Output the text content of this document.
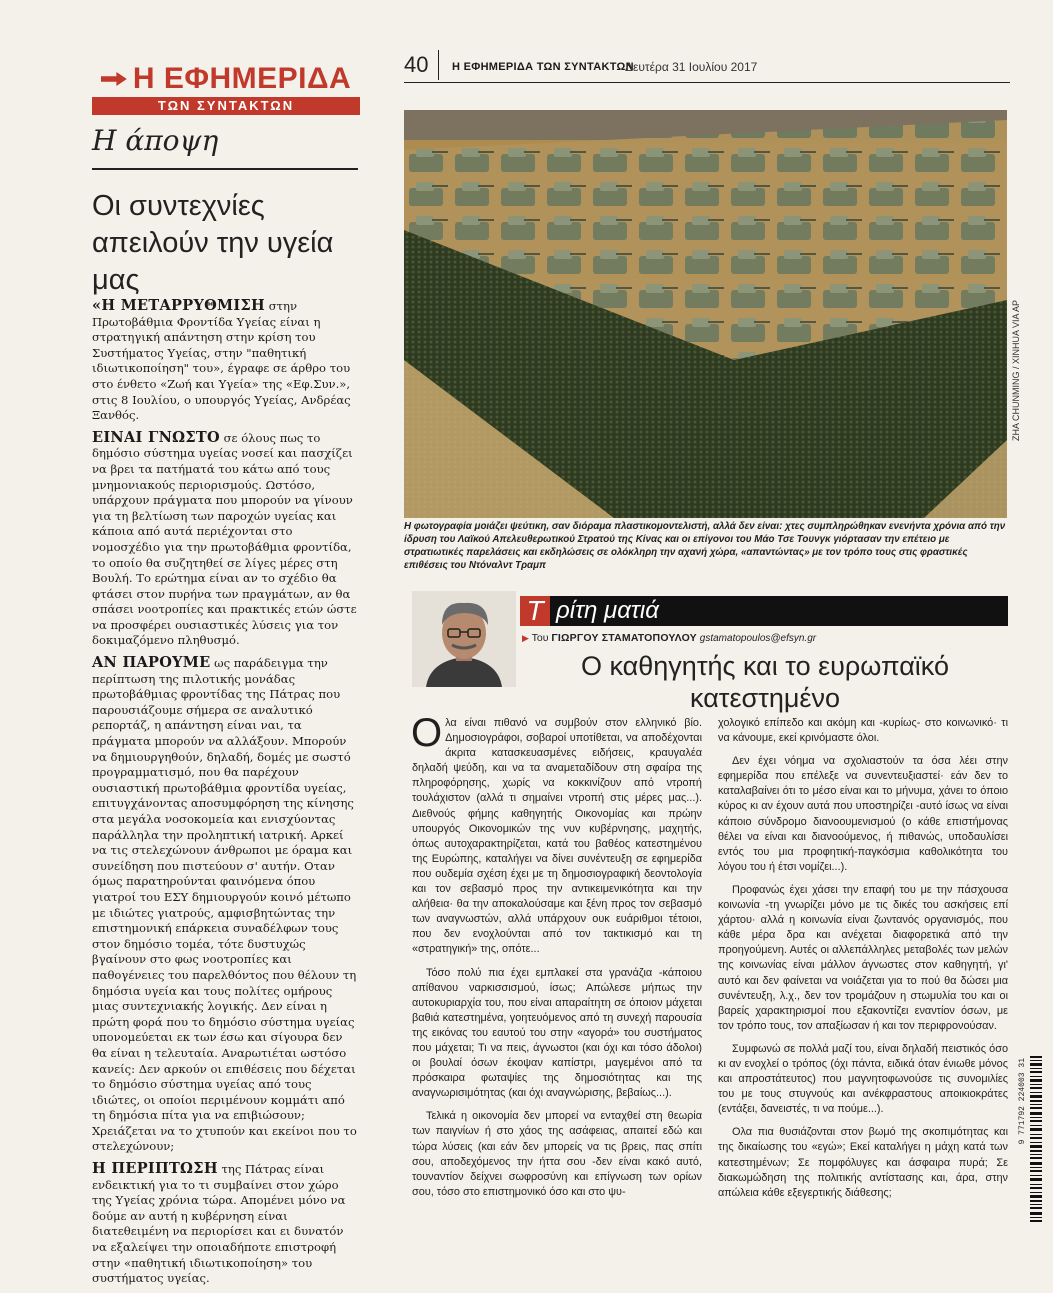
Η ΕΦΗΜΕΡΙΔΑ
ΤΩΝ ΣΥΝΤΑΚΤΩΝ
Η άποψη
Οι συντεχνίες απειλούν την υγεία μας

«Η ΜΕΤΑΡΡΥΘΜΙΣΗ στην Πρωτοβάθμια Φροντίδα Υγείας είναι η στρατηγική απάντηση στην κρίση του Συστήματος Υγείας, στην "παθητική ιδιωτικοποίηση" του», έγραφε σε άρθρο του στο ένθετο «Ζωή και Υγεία» της «Εφ.Συν.», στις 8 Ιουλίου, ο υπουργός Υγείας, Ανδρέας Ξανθός.

ΕΙΝΑΙ ΓΝΩΣΤΟ σε όλους πως το δημόσιο σύστημα υγείας νοσεί και πασχίζει να βρει τα πατήματά του κάτω από τους μνημονιακούς περιορισμούς. Ωστόσο, υπάρχουν πράγματα που μπορούν να γίνουν για τη βελτίωση των παροχών υγείας και κάποια από αυτά περιέχονται στο νομοσχέδιο για την πρωτοβάθμια φροντίδα, το οποίο θα συζητηθεί σε λίγες μέρες στη Βουλή. Το ερώτημα είναι αν το σχέδιο θα φτάσει στον πυρήνα των πραγμάτων, αν θα σπάσει νοοτροπίες και πρακτικές ετών ώστε να προσφέρει ουσιαστικές λύσεις για τον δοκιμαζόμενο πληθυσμό.

ΑΝ ΠΑΡΟΥΜΕ ως παράδειγμα την περίπτωση της πιλοτικής μονάδας πρωτοβάθμιας φροντίδας της Πάτρας που παρουσιάζουμε σήμερα σε αναλυτικό ρεπορτάζ, η απάντηση είναι ναι, τα πράγματα μπορούν να αλλάξουν. Μπορούν να δημιουργηθούν, δηλαδή, δομές με σωστό προγραμματισμό, που θα παρέχουν ουσιαστική πρωτοβάθμια φροντίδα υγείας, επιτυγχάνοντας αποσυμφόρηση της κίνησης στα μεγάλα νοσοκομεία και ενισχύοντας παράλληλα την προληπτική ιατρική. Αρκεί να τις στελεχώνουν άνθρωποι με όραμα και συνείδηση που πιστεύουν σ' αυτήν. Οταν όμως παρατηρούνται φαινόμενα όπου γιατροί του ΕΣΥ δημιουργούν κοινό μέτωπο με ιδιώτες γιατρούς, αμφισβητώντας την επιστημονική επάρκεια συναδέλφων τους στον δημόσιο τομέα, τότε δυστυχώς βγαίνουν στο φως νοοτροπίες και παθογένειες του παρελθόντος που θέλουν τη δημόσια υγεία και τους πολίτες ομήρους μιας συντεχνιακής λογικής. Δεν είναι η πρώτη φορά που το δημόσιο σύστημα υγείας υπονομεύεται εκ των έσω και σίγουρα δεν θα είναι η τελευταία. Αναρωτιέται ωστόσο κανείς: Δεν αρκούν οι επιθέσεις που δέχεται το δημόσιο σύστημα υγείας από τους ιδιώτες, οι οποίοι περιμένουν κομμάτι από τη δημόσια πίτα για να επιβιώσουν; Χρειάζεται να το χτυπούν και εκείνοι που το στελεχώνουν;

Η ΠΕΡΙΠΤΩΣΗ της Πάτρας είναι ενδεικτική για το τι συμβαίνει στον χώρο της Υγείας χρόνια τώρα. Απομένει μόνο να δούμε αν αυτή η κυβέρνηση είναι διατεθειμένη να περιορίσει και ει δυνατόν να εξαλείψει την οποιαδήποτε επιστροφή στην «παθητική ιδιωτικοποίηση» του συστήματος υγείας.

40 Η ΕΦΗΜΕΡΙΔΑ ΤΩΝ ΣΥΝΤΑΚΤΩΝ
Δευτέρα 31 Ιουλίου 2017
ZHA CHUNMING / XINHUA VIA AP
Η φωτογραφία μοιάζει ψεύτικη, σαν διόραμα πλαστικομοντελιστή, αλλά δεν είναι: χτες συμπληρώθηκαν ενενήντα χρόνια από την ίδρυση του Λαϊκού Απελευθερωτικού Στρατού της Κίνας και οι επίγονοι του Μάο Τσε Τουνγκ γιόρτασαν την επέτειο με στρατιωτικές παρελάσεις και εκδηλώσεις σε ολόκληρη την αχανή χώρα, «απαντώντας» με τον τρόπο τους στις φραστικές επιθέσεις του Ντόναλντ Τραμπ
Τ ρίτη ματιά
▶ Του ΓΙΩΡΓΟΥ ΣΤΑΜΑΤΟΠΟΥΛΟΥ gstamatopoulos@efsyn.gr
Ο καθηγητής και το ευρωπαϊκό κατεστημένο

Ολα είναι πιθανό να συμβούν στον ελληνικό βίο. Δημοσιογράφοι, σοβαροί υποτίθεται, να αποδέχονται άκριτα κατασκευασμένες ειδήσεις, κραυγαλέα δηλαδή ψεύδη, και να τα αναμεταδίδουν στη σφαίρα της πληροφόρησης, χωρίς να κοκκινίζουν από ντροπή τουλάχιστον (αλλά τι σημαίνει ντροπή στις μέρες μας...). Διεθνούς φήμης καθηγητής Οικονομίας και πρώην υπουργός Οικονομικών της νυν κυβέρνησης, μαχητής, όπως αυτοχαρακτηρίζεται, κατά του βαθέος κατεστημένου της Ευρώπης, καταλήγει να δίνει συνέντευξη σε εφημερίδα που ουδεμία σχέση έχει με τη δημοσιογραφική δεοντολογία και τον σεβασμό προς την αντικειμενικότητα και την αλήθεια· θα την αποκαλούσαμε και ξένη προς τον σεβασμό των αναγνωστών, αλλά υπάρχουν ουκ ευάριθμοι τέτοιοι, που δεν ενοχλούνται από τον τακτικισμό και τη «στρατηγική» της, οπότε...

Τόσο πολύ πια έχει εμπλακεί στα γρανάζια -κάποιου απίθανου ναρκισσισμού, ίσως; Απώλεσε μήπως την αυτοκυριαρχία του, που είναι απαραίτητη σε όποιον μάχεται βαθιά κατεστημένα, γοητευόμενος από τη συνεχή παρουσία της εικόνας του εαυτού του στην «αγορά» του συστήματος που μάχεται; Τι να πεις, άγνωστοι (και όχι και τόσο άδολοι) οι βουλαί όσων έκοψαν καπίστρι, μαγεμένοι από τα πρόσκαιρα φωταψίες της δημοσιότητας και της αναγνωρισιμότητας (και όχι αναγνώρισης, βεβαίως...).

Τελικά η οικονομία δεν μπορεί να ενταχθεί στη θεωρία των παιγνίων ή στο χάος της ασάφειας, απαιτεί εδώ και τώρα λύσεις (και εάν δεν μπορείς να τις βρεις, πας σπίτι σου, αποδεχόμενος την ήττα σου -δεν είναι κακό αυτό, τουναντίον δείχνει σωφροσύνη και επίγνωση των ορίων σου, τόσο στο επιστημονικό όσο και στο ψυ-

χολογικό επίπεδο και ακόμη και -κυρίως- στο κοινωνικό· τι να κάνουμε, εκεί κρινόμαστε όλοι.

Δεν έχει νόημα να σχολιαστούν τα όσα λέει στην εφημερίδα που επέλεξε να συνεντευξιαστεί· εάν δεν το καταλαβαίνει ότι το μέσο είναι και το μήνυμα, χάνει το όποιο κύρος κι αν έχουν αυτά που υποστηρίζει -αυτό ίσως να είναι κάποιο σύνδρομο διανοουμενισμού (ο κάθε επιστήμονας θέλει να είναι και διανοούμενος, ή πιθανώς, υποδαυλίσει εντός του μια προφητική-παγκόσμια καθολικότητα του λόγου του ή έτσι νομίζει...).

Προφανώς έχει χάσει την επαφή του με την πάσχουσα κοινωνία -τη γνωρίζει μόνο με τις δικές του ασκήσεις επί χάρτου· αλλά η κοινωνία είναι ζωντανός οργανισμός, που κάθε μέρα δρα και ανέχεται διαφορετικά από την προηγούμενη. Αυτές οι αλλεπάλληλες μεταβολές των μελών της κοινωνίας είναι μάλλον άγνωστες στον καθηγητή, γι' αυτό και δεν φαίνεται να νοιάζεται για το πού θα δώσει μια συνέντευξη, λ.χ., δεν τον τρομάζουν η στωμυλία του και οι βαρείς χαρακτηρισμοί που εξακοντίζει εναντίον όσων, με τον τρόπο τους, τον απαξίωσαν ή και τον περιφρονούσαν.

Συμφωνώ σε πολλά μαζί του, είναι δηλαδή πειστικός όσο κι αν ενοχλεί ο τρόπος (όχι πάντα, ειδικά όταν ένιωθε μόνος και απροστάτευτος) που μαγνητοφωνούσε τις συνομιλίες του με τους στυγνούς και ανέκφραστους αποικιοκράτες (εντάξει, δανειστές, τι να πούμε...).

Ολα πια θυσιάζονται στον βωμό της σκοπιμότητας και της δικαίωσης του «εγώ»; Εκεί καταλήγει η μάχη κατά των κατεστημένων; Σε πομφόλυγες και άσφαιρα πυρά; Σε διακωμώδηση της πολιτικής αντίστασης και, άρα, στην απώλεια κάθε εξεγερτικής διάθεσης;

9 771792 224003 31
